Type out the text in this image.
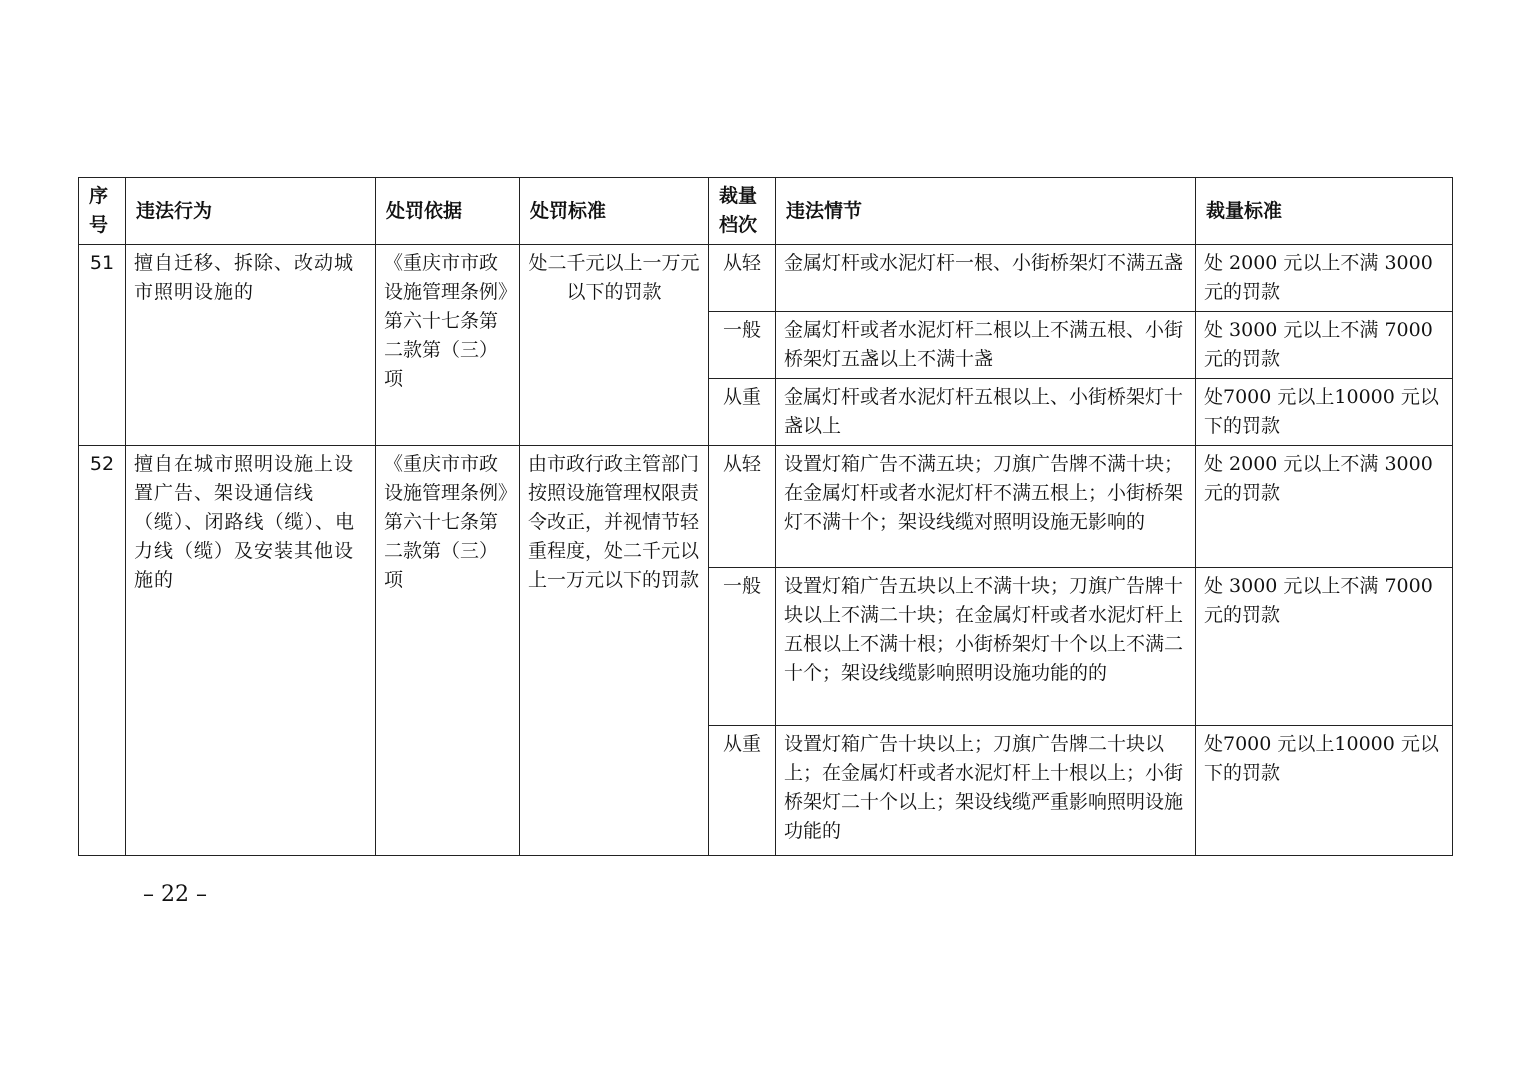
序号	违法行为	处罚依据	处罚标准	裁量档次	违法情节	裁量标准
51	擅自迁移、拆除、改动城市照明设施的	《重庆市市政设施管理条例》第六十七条第二款第（三）项	处二千元以上一万元以下的罚款	从轻	金属灯杆或水泥灯杆一根、小街桥架灯不满五盏	处 2000 元以上不满 3000 元的罚款
				一般	金属灯杆或者水泥灯杆二根以上不满五根、小街桥架灯五盏以上不满十盏	处 3000 元以上不满 7000 元的罚款
				从重	金属灯杆或者水泥灯杆五根以上、小街桥架灯十盏以上	处7000 元以上10000 元以下的罚款
52	擅自在城市照明设施上设置广告、架设通信线（缆）、闭路线（缆）、电力线（缆）及安装其他设施的	《重庆市市政设施管理条例》第六十七条第二款第（三）项	由市政行政主管部门按照设施管理权限责令改正，并视情节轻重程度，处二千元以上一万元以下的罚款	从轻	设置灯箱广告不满五块；刀旗广告牌不满十块；在金属灯杆或者水泥灯杆不满五根上；小街桥架灯不满十个；架设线缆对照明设施无影响的	处 2000 元以上不满 3000 元的罚款
				一般	设置灯箱广告五块以上不满十块；刀旗广告牌十块以上不满二十块；在金属灯杆或者水泥灯杆上五根以上不满十根；小街桥架灯十个以上不满二十个；架设线缆影响照明设施功能的的	处 3000 元以上不满 7000 元的罚款
				从重	设置灯箱广告十块以上；刀旗广告牌二十块以上；在金属灯杆或者水泥灯杆上十根以上；小街桥架灯二十个以上；架设线缆严重影响照明设施功能的	处7000 元以上10000 元以下的罚款
– 22 –
